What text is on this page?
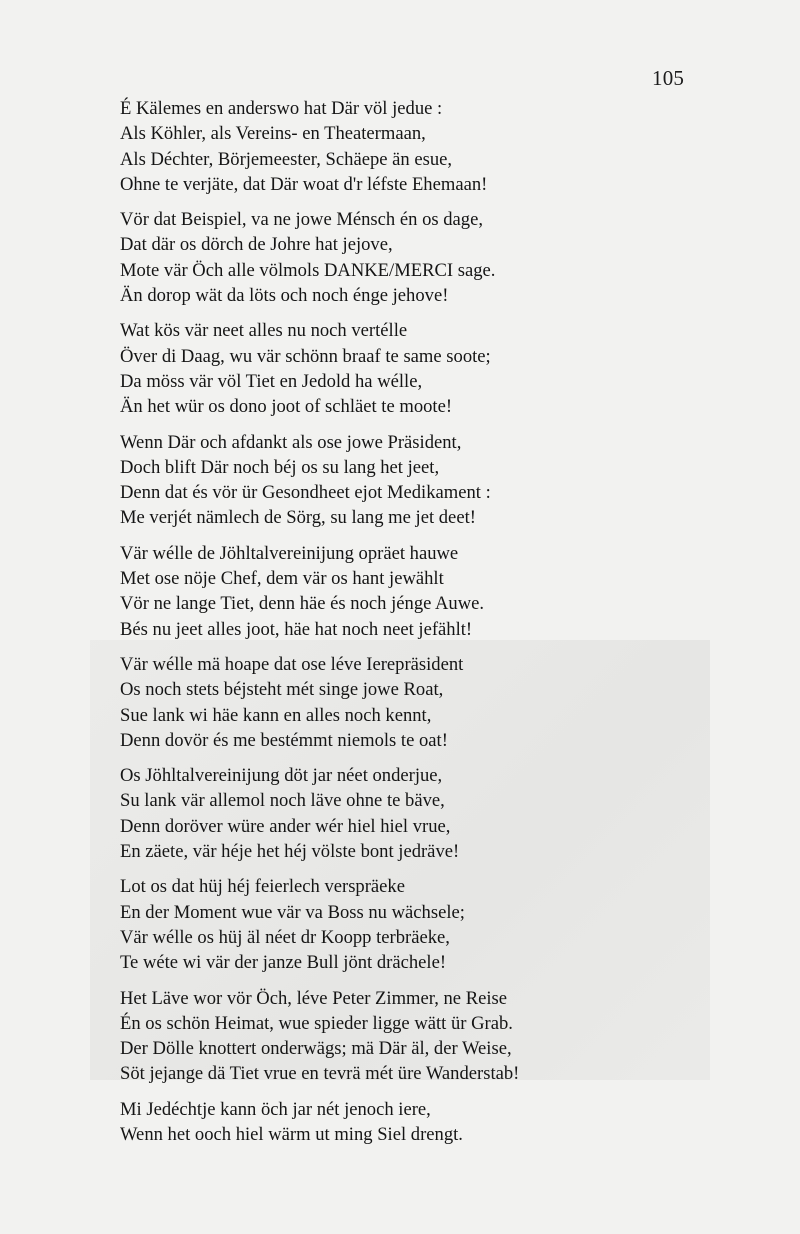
105

É Kälemes en anderswo hat Där völ jedue :
Als Köhler, als Vereins- en Theatermaan,
Als Déchter, Börjemeester, Schäepe än esue,
Ohne te verjäte, dat Där woat d'r léfste Ehemaan!

Vör dat Beispiel, va ne jowe Ménsch én os dage,
Dat där os dörch de Johre hat jejove,
Mote vär Öch alle völmols DANKE/MERCI sage.
Än dorop wät da löts och noch énge jehove!

Wat kös vär neet alles nu noch vertélle
Över di Daag, wu vär schönn braaf te same soote;
Da möss vär völ Tiet en Jedold ha wélle,
Än het wür os dono joot of schläet te moote!

Wenn Där och afdankt als ose jowe Präsident,
Doch blift Där noch béj os su lang het jeet,
Denn dat és vör ür Gesondheet ejot Medikament :
Me verjét nämlech de Sörg, su lang me jet deet!

Vär wélle de Jöhltalvereinijung opräet hauwe
Met ose nöje Chef, dem vär os hant jewählt
Vör ne lange Tiet, denn häe és noch jénge Auwe.
Bés nu jeet alles joot, häe hat noch neet jefählt!

Vär wélle mä hoape dat ose léve Ierepräsident
Os noch stets béjsteht mét singe jowe Roat,
Sue lank wi häe kann en alles noch kennt,
Denn dovör és me bestémmt niemols te oat!

Os Jöhltalvereinijung döt jar néet onderjue,
Su lank vär allemol noch läve ohne te bäve,
Denn doröver würe ander wér hiel hiel vrue,
En zäete, vär héje het héj völste bont jedräve!

Lot os dat hüj héj feierlech verspräeke
En der Moment wue vär va Boss nu wächsele;
Vär wélle os hüj äl néet dr Koopp terbräeke,
Te wéte wi vär der janze Bull jönt drächele!

Het Läve wor vör Öch, léve Peter Zimmer, ne Reise
Én os schön Heimat, wue spieder ligge wätt ür Grab.
Der Dölle knottert onderwägs; mä Där äl, der Weise,
Söt jejange dä Tiet vrue en tevrä mét üre Wanderstab!

Mi Jedéchtje kann öch jar nét jenoch iere,
Wenn het ooch hiel wärm ut ming Siel drengt.
